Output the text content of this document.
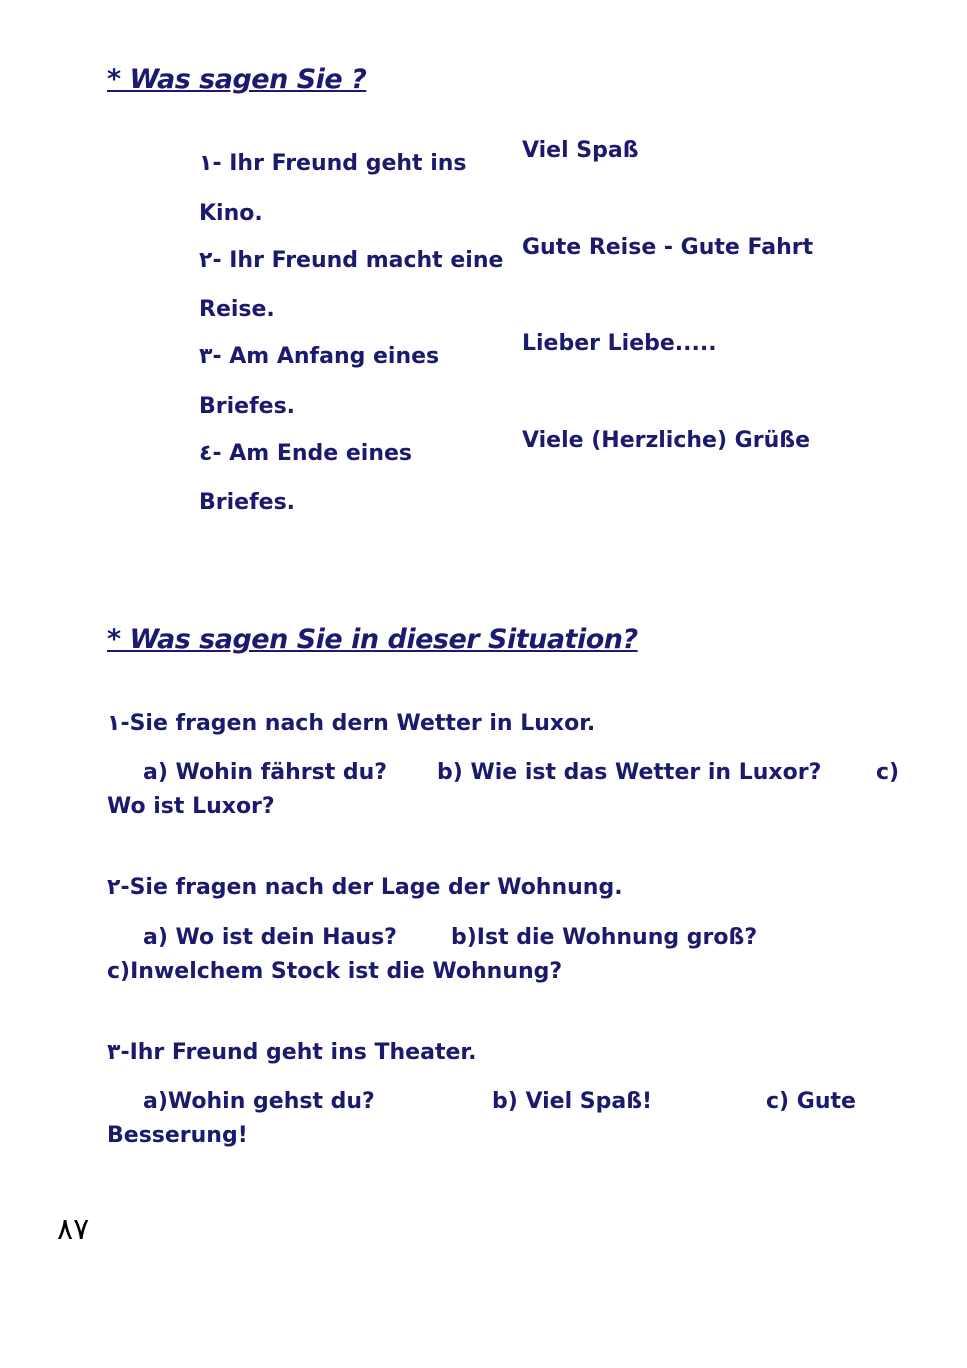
* Was sagen Sie ?
١- Ihr Freund geht ins
Kino.
٢- Ihr Freund macht eine
Reise.
٣- Am Anfang eines
Briefes.
٤- Am Ende eines
Briefes.
Viel Spaß
Gute Reise - Gute Fahrt
Lieber Liebe.....
Viele (Herzliche) Grüße
* Was sagen Sie in dieser Situation?
١-Sie fragen nach dern Wetter in Luxor.
a) Wohin fährst du? b) Wie ist das Wetter in Luxor? c)
Wo ist Luxor?
٢-Sie fragen nach der Lage der Wohnung.
a) Wo ist dein Haus? b)Ist die Wohnung groß?
c)Inwelchem Stock ist die Wohnung?
٣-Ihr Freund geht ins Theater.
a)Wohin gehst du?	b) Viel Spaß!	c) Gute
Besserung!
٨٧
